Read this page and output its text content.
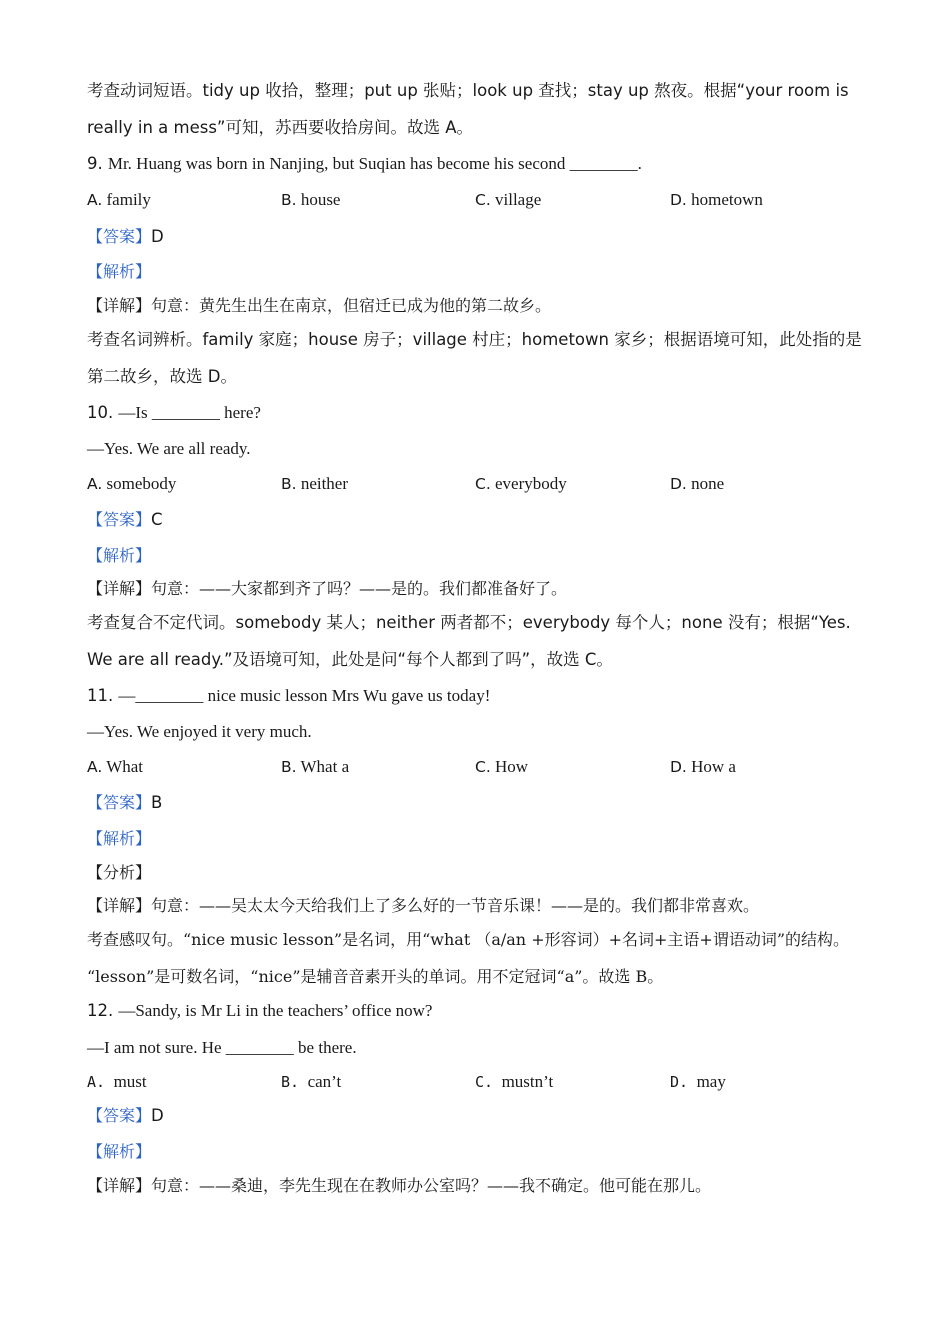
考查动词短语。tidy up 收拾，整理；put up 张贴；look up 查找；stay up 熬夜。根据“your room is
really in a mess”可知，苏西要收拾房间。故选 A。
9. Mr. Huang was born in Nanjing, but Suqian has become his second ________.
A. family	B. house	C. village	D. hometown
【答案】D
【解析】
【详解】句意：黄先生出生在南京，但宿迁已成为他的第二故乡。
考查名词辨析。family 家庭；house 房子；village 村庄；hometown 家乡；根据语境可知，此处指的是
第二故乡，故选 D。
10. —Is ________ here?
—Yes. We are all ready.
A. somebody	B. neither	C. everybody	D. none
【答案】C
【解析】
【详解】句意：——大家都到齐了吗？——是的。我们都准备好了。
考查复合不定代词。somebody 某人；neither 两者都不；everybody 每个人；none 没有；根据“Yes.
We are all ready.”及语境可知，此处是问“每个人都到了吗”，故选 C。
11. —________ nice music lesson Mrs Wu gave us today!
—Yes. We enjoyed it very much.
A. What	B. What a	C. How	D. How a
【答案】B
【解析】
【分析】
【详解】句意：——吴太太今天给我们上了多么好的一节音乐课！——是的。我们都非常喜欢。
考查感叹句。“nice music lesson”是名词，用“what （a/an +形容词）+名词+主语+谓语动词”的结构。
“lesson”是可数名词，“nice”是辅音音素开头的单词。用不定冠词“a”。故选 B。
12. —Sandy, is Mr Li in the teachers’ office now?
—I am not sure. He ________ be there.
A. must	B. can’t	C. mustn’t	D. may
【答案】D
【解析】
【详解】句意：——桑迪，李先生现在在教师办公室吗？——我不确定。他可能在那儿。
